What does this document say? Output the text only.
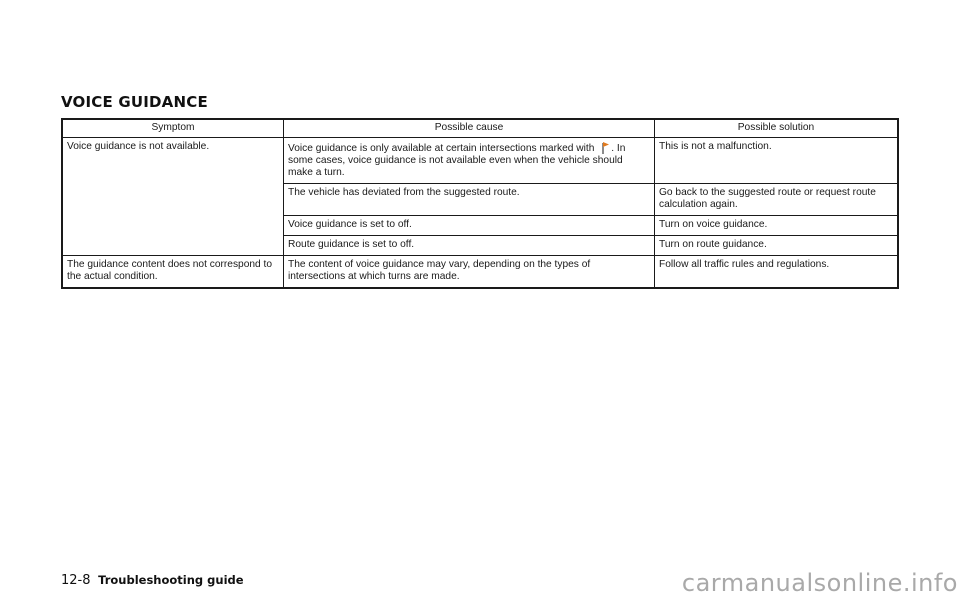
VOICE GUIDANCE
Symptom	Possible cause	Possible solution
Voice guidance is not available.	Voice guidance is only available at certain intersections marked with . In some cases, voice guidance is not available even when the vehicle should make a turn.	This is not a malfunction.
	The vehicle has deviated from the suggested route.	Go back to the suggested route or request route calculation again.
	Voice guidance is set to off.	Turn on voice guidance.
	Route guidance is set to off.	Turn on route guidance.
The guidance content does not correspond to the actual condition.	The content of voice guidance may vary, depending on the types of intersections at which turns are made.	Follow all traffic rules and regulations.
12-8 Troubleshooting guide	carmanualsonline.info
